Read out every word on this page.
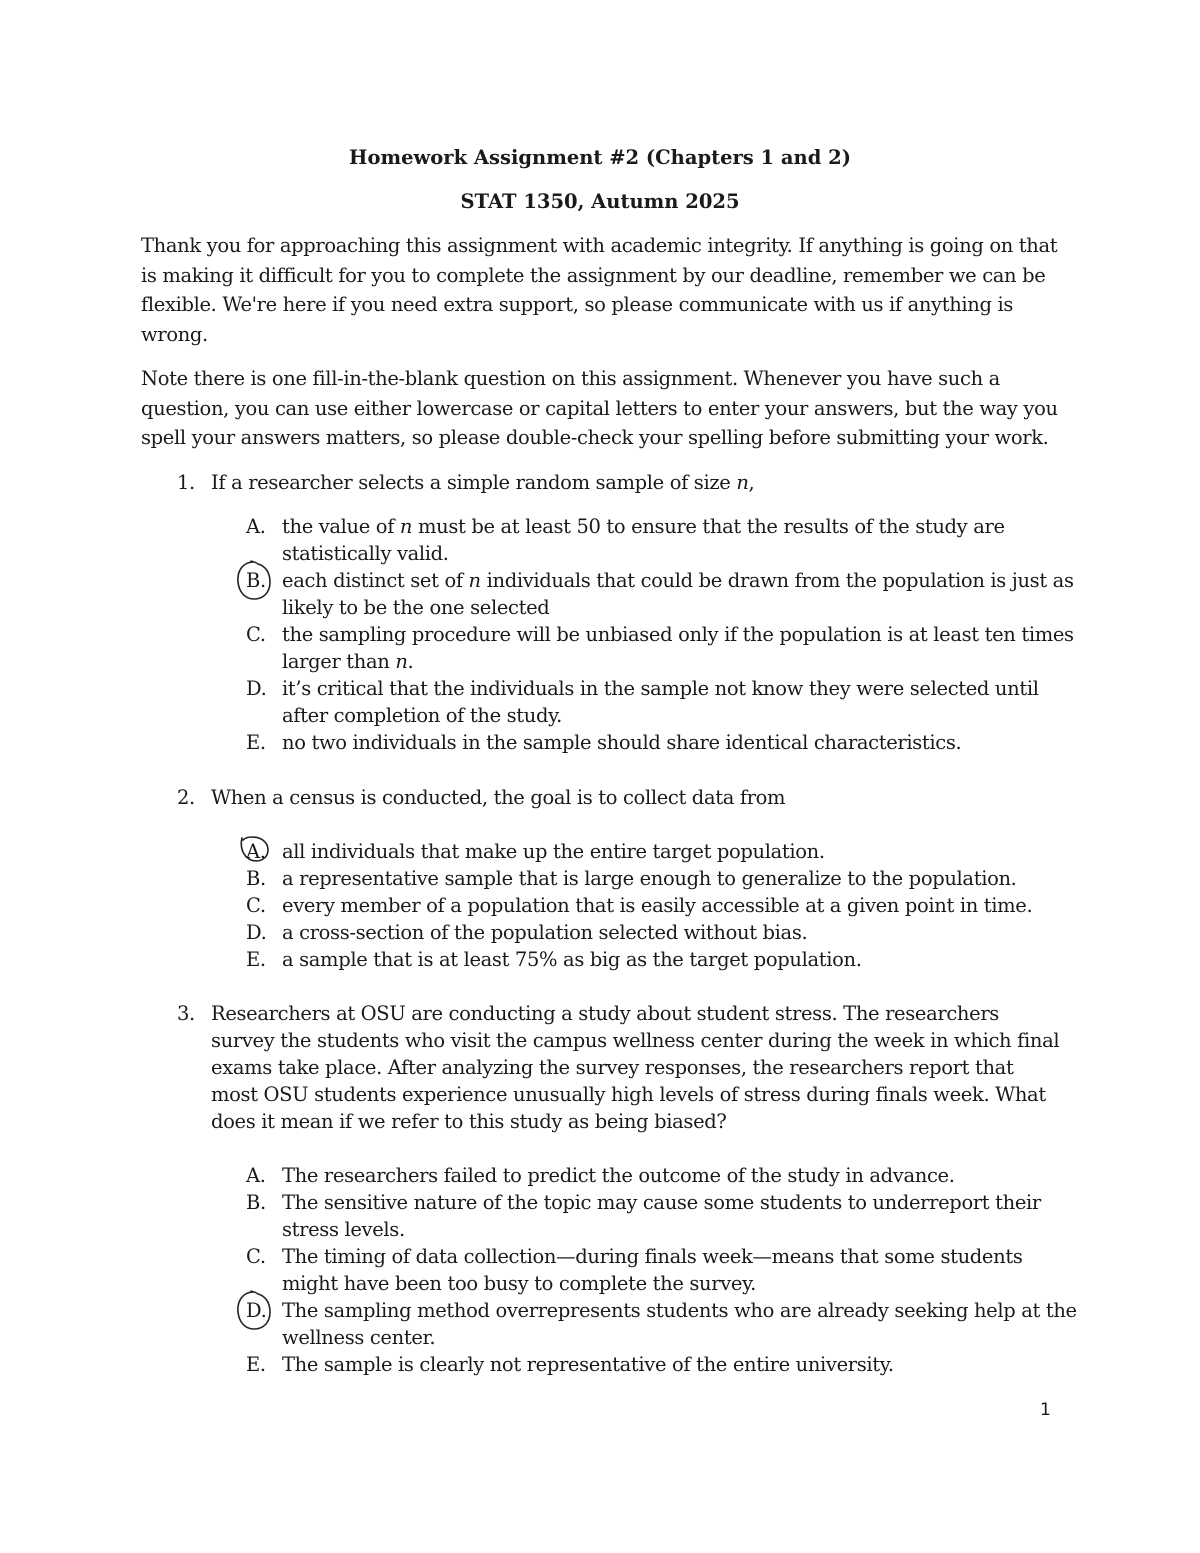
Homework Assignment #2 (Chapters 1 and 2)
STAT 1350, Autumn 2025
Thank you for approaching this assignment with academic integrity. If anything is going on that is making it difficult for you to complete the assignment by our deadline, remember we can be flexible. We're here if you need extra support, so please communicate with us if anything is wrong.
Note there is one fill-in-the-blank question on this assignment. Whenever you have such a question, you can use either lowercase or capital letters to enter your answers, but the way you spell your answers matters, so please double-check your spelling before submitting your work.
1. If a researcher selects a simple random sample of size n,
A. the value of n must be at least 50 to ensure that the results of the study are statistically valid.
B. each distinct set of n individuals that could be drawn from the population is just as likely to be the one selected
C. the sampling procedure will be unbiased only if the population is at least ten times larger than n.
D. it’s critical that the individuals in the sample not know they were selected until after completion of the study.
E. no two individuals in the sample should share identical characteristics.
2. When a census is conducted, the goal is to collect data from
A. all individuals that make up the entire target population.
B. a representative sample that is large enough to generalize to the population.
C. every member of a population that is easily accessible at a given point in time.
D. a cross-section of the population selected without bias.
E. a sample that is at least 75% as big as the target population.
3. Researchers at OSU are conducting a study about student stress. The researchers survey the students who visit the campus wellness center during the week in which final exams take place. After analyzing the survey responses, the researchers report that most OSU students experience unusually high levels of stress during finals week. What does it mean if we refer to this study as being biased?
A. The researchers failed to predict the outcome of the study in advance.
B. The sensitive nature of the topic may cause some students to underreport their stress levels.
C. The timing of data collection—during finals week—means that some students might have been too busy to complete the survey.
D. The sampling method overrepresents students who are already seeking help at the wellness center.
E. The sample is clearly not representative of the entire university.
1
